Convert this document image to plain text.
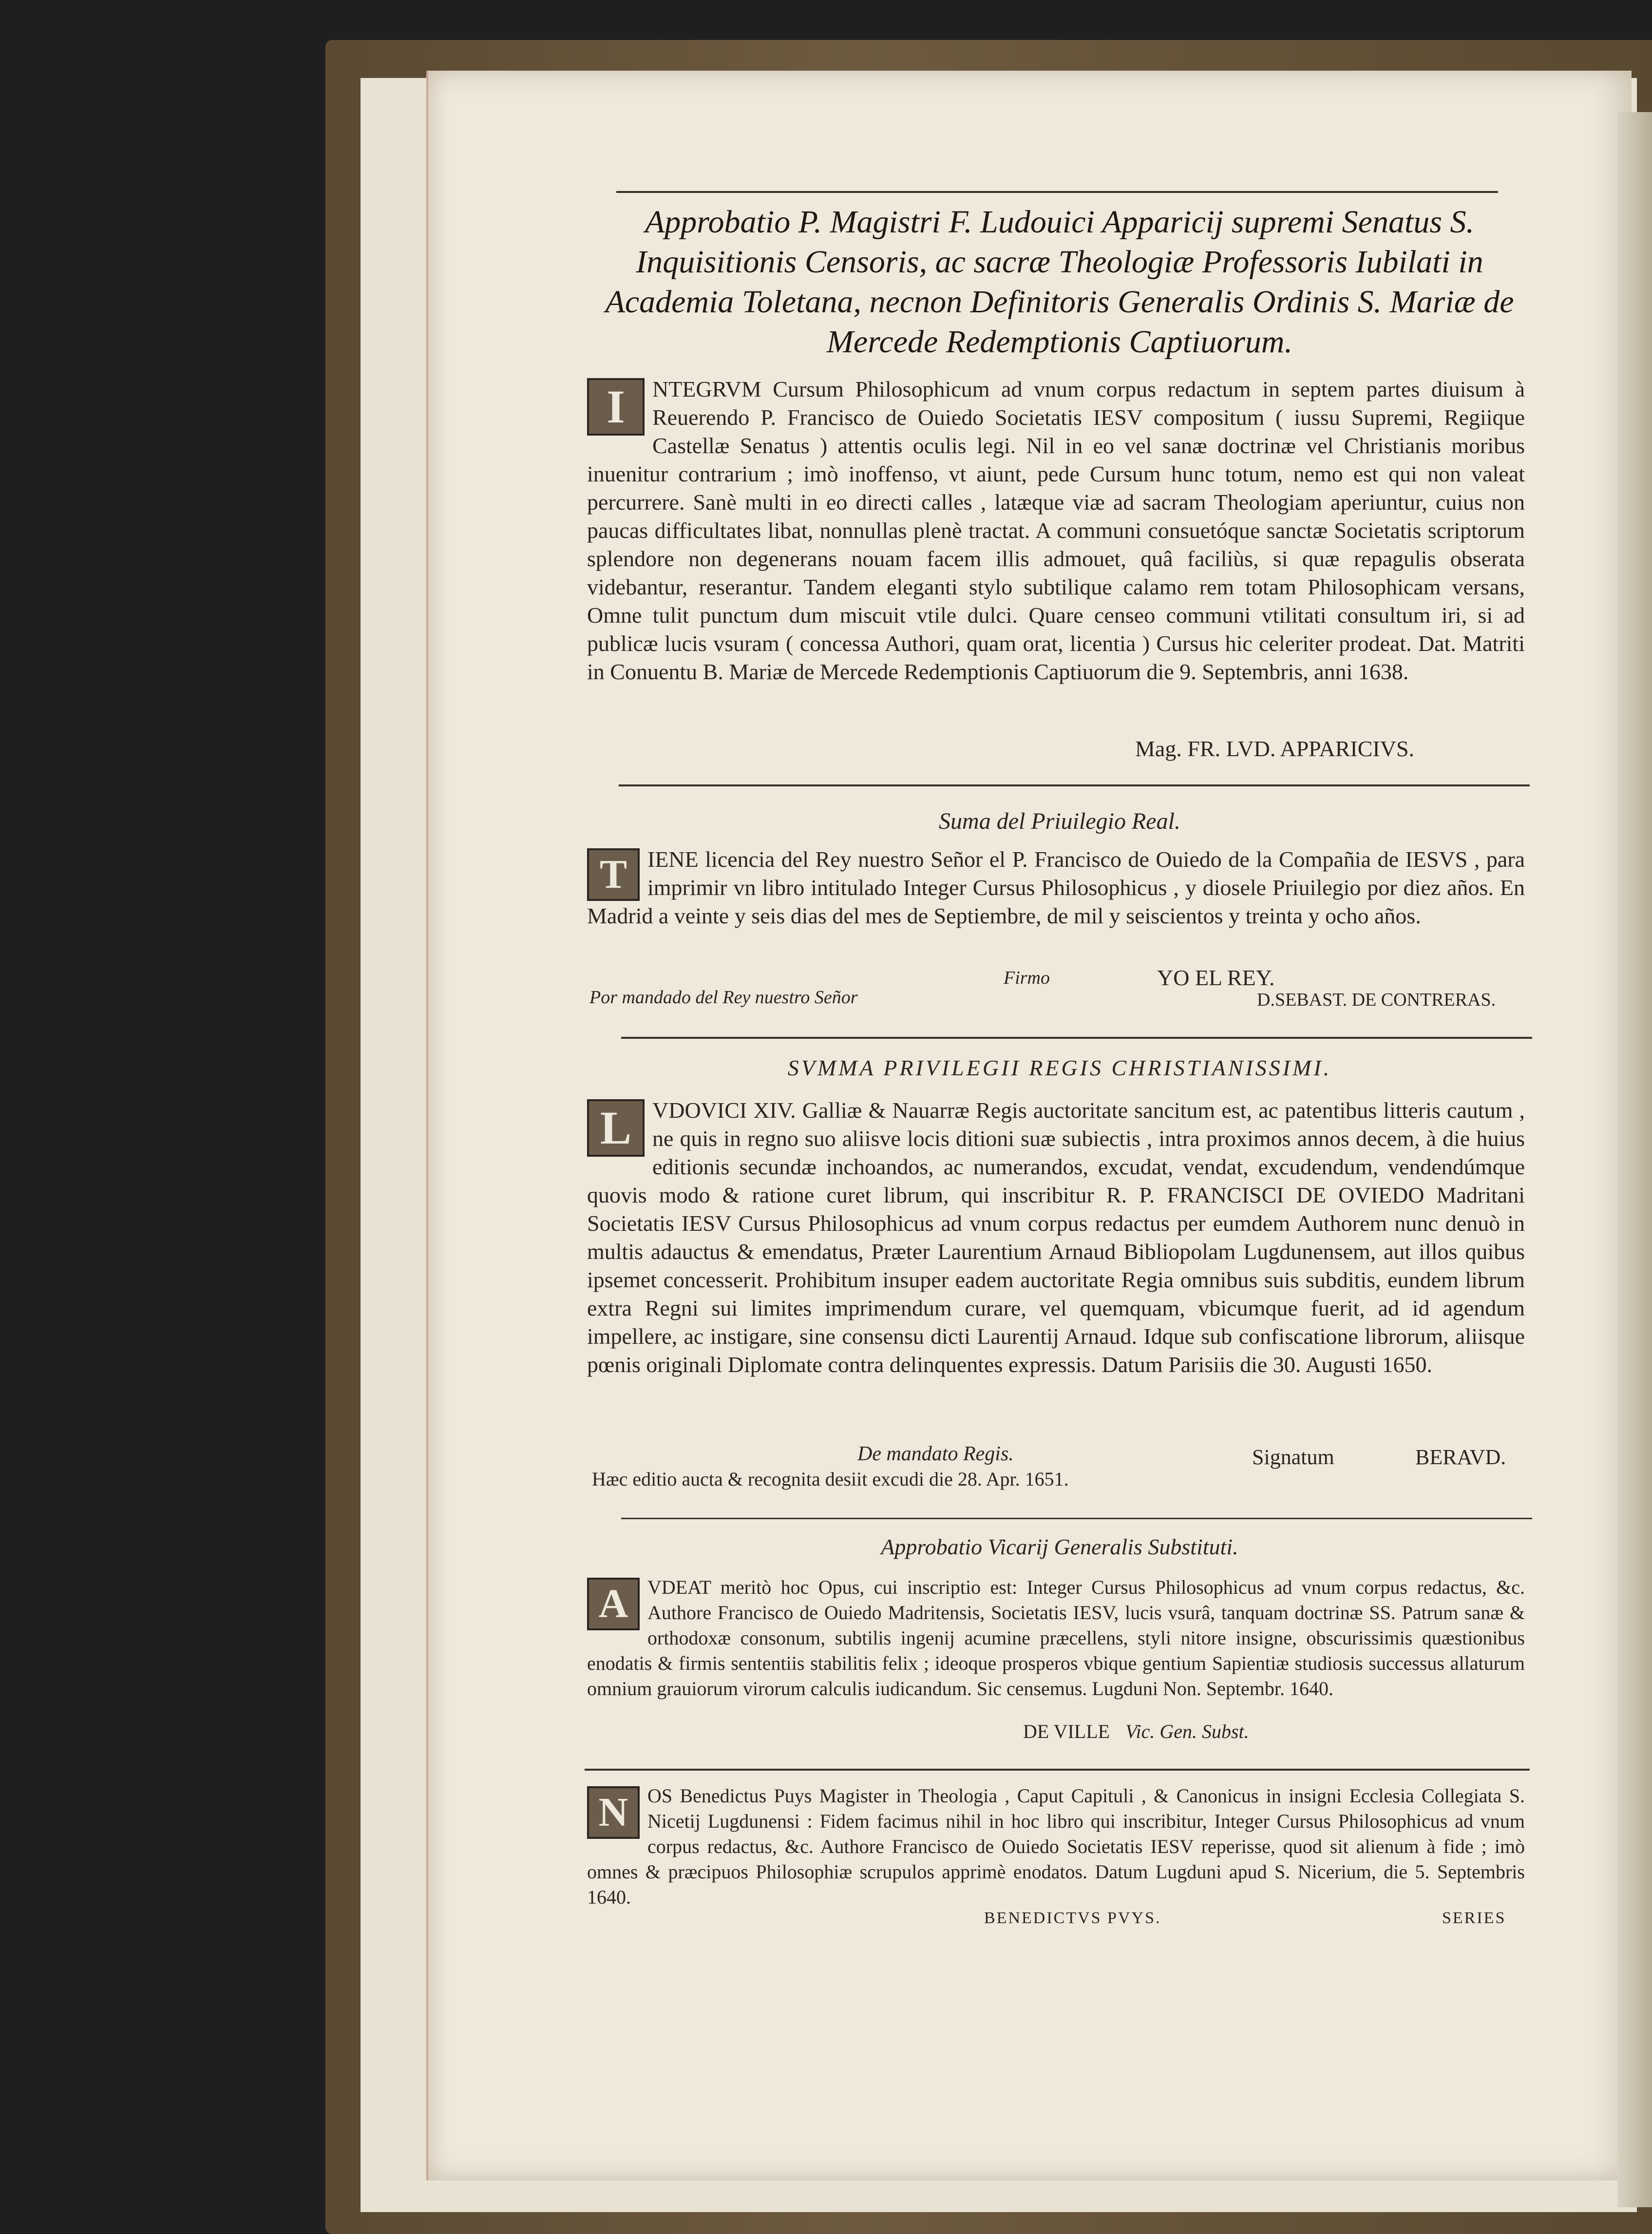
Approbatio P. Magistri F. Ludouici Apparicij supremi Senatus S. Inquisitionis Censoris, ac sacræ Theologiæ Professoris Iubilati in Academia Toletana, necnon Definitoris Generalis Ordinis S. Mariæ de Mercede Redemptionis Captiuorum.
I	NTEGRVM Cursum Philosophicum ad vnum corpus redactum in septem partes diuisum à Reuerendo P. Francisco de Ouiedo Societatis IESV compositum ( iussu Supremi, Regiique Castellæ Senatus ) attentis oculis legi. Nil in eo vel sanæ doctrinæ vel Christianis moribus inuenitur contrarium ; imò inoffenso, vt aiunt, pede Cursum hunc totum, nemo est qui non valeat percurrere. Sanè multi in eo directi calles , latæque viæ ad sacram Theologiam aperiuntur, cuius non paucas difficultates libat, nonnullas plenè tractat. A communi consuetóque sanctæ Societatis scriptorum splendore non degenerans nouam facem illis admouet, quâ faciliùs, si quæ repagulis obserata videbantur, reserantur. Tandem eleganti stylo subtilique calamo rem totam Philosophicam versans, Omne tulit punctum dum miscuit vtile dulci. Quare censeo communi vtilitati consultum iri, si ad publicæ lucis vsuram ( concessa Authori, quam orat, licentia ) Cursus hic celeriter prodeat. Dat. Matriti in Conuentu B. Mariæ de Mercede Redemptionis Captiuorum die 9. Septembris, anni 1638.
Mag. FR. LVD. APPARICIVS.
Suma del Priuilegio Real.
T IENE licencia del Rey nuestro Señor el P. Francisco de Ouiedo de la Compañia de IESVS , para imprimir vn libro intitulado Integer Cursus Philosophicus , y diosele Priuilegio por diez años. En Madrid a veinte y seis dias del mes de Septiembre, de mil y seiscientos y treinta y ocho años.
Firmo	YO EL REY.
Por mandado del Rey nuestro Señor	D.SEBAST. DE CONTRERAS.
SVMMA PRIVILEGII REGIS CHRISTIANISSIMI.
L VDOVICI XIV. Galliæ & Nauarræ Regis auctoritate sancitum est, ac patentibus litteris cautum , ne quis in regno suo aliisve locis ditioni suæ subiectis , intra proximos annos decem, à die huius editionis secundæ inchoandos, ac numerandos, excudat, vendat, excudendum, vendendúmque quovis modo & ratione curet librum, qui inscribitur R. P. FRANCISCI DE OVIEDO Madritani Societatis IESV Cursus Philosophicus ad vnum corpus redactus per eumdem Authorem nunc denuò in multis adauctus & emendatus, Præter Laurentium Arnaud Bibliopolam Lugdunensem, aut illos quibus ipsemet concesserit. Prohibitum insuper eadem auctoritate Regia omnibus suis subditis, eundem librum extra Regni sui limites imprimendum curare, vel quemquam, vbicumque fuerit, ad id agendum impellere, ac instigare, sine consensu dicti Laurentij Arnaud. Idque sub confiscatione librorum, aliisque pœnis originali Diplomate contra delinquentes expressis. Datum Parisiis die 30. Augusti 1650.
De mandato Regis.	Signatum	BERAVD.
Hæc editio aucta & recognita desiit excudi die 28. Apr. 1651.
Approbatio Vicarij Generalis Substituti.
A VDEAT meritò hoc Opus, cui inscriptio est: Integer Cursus Philosophicus ad vnum corpus redactus, &c. Authore Francisco de Ouiedo Madritensis, Societatis IESV, lucis vsurâ, tanquam doctrinæ SS. Patrum sanæ & orthodoxæ consonum, subtilis ingenij acumine præcellens, styli nitore insigne, obscurissimis quæstionibus enodatis & firmis sententiis stabilitis felix ; ideoque prosperos vbique gentium Sapientiæ studiosis successus allaturum omnium grauiorum virorum calculis iudicandum. Sic censemus. Lugduni Non. Septembr. 1640.
DE VILLE Vic. Gen. Subst.
N OS Benedictus Puys Magister in Theologia , Caput Capituli , & Canonicus in insigni Ecclesia Collegiata S. Nicetij Lugdunensi : Fidem facimus nihil in hoc libro qui inscribitur, Integer Cursus Philosophicus ad vnum corpus redactus, &c. Authore Francisco de Ouiedo Societatis IESV reperisse, quod sit alienum à fide ; imò omnes & præcipuos Philosophiæ scrupulos apprimè enodatos. Datum Lugduni apud S. Nicerium, die 5. Septembris 1640.
BENEDICTVS PVYS.	SERIES
